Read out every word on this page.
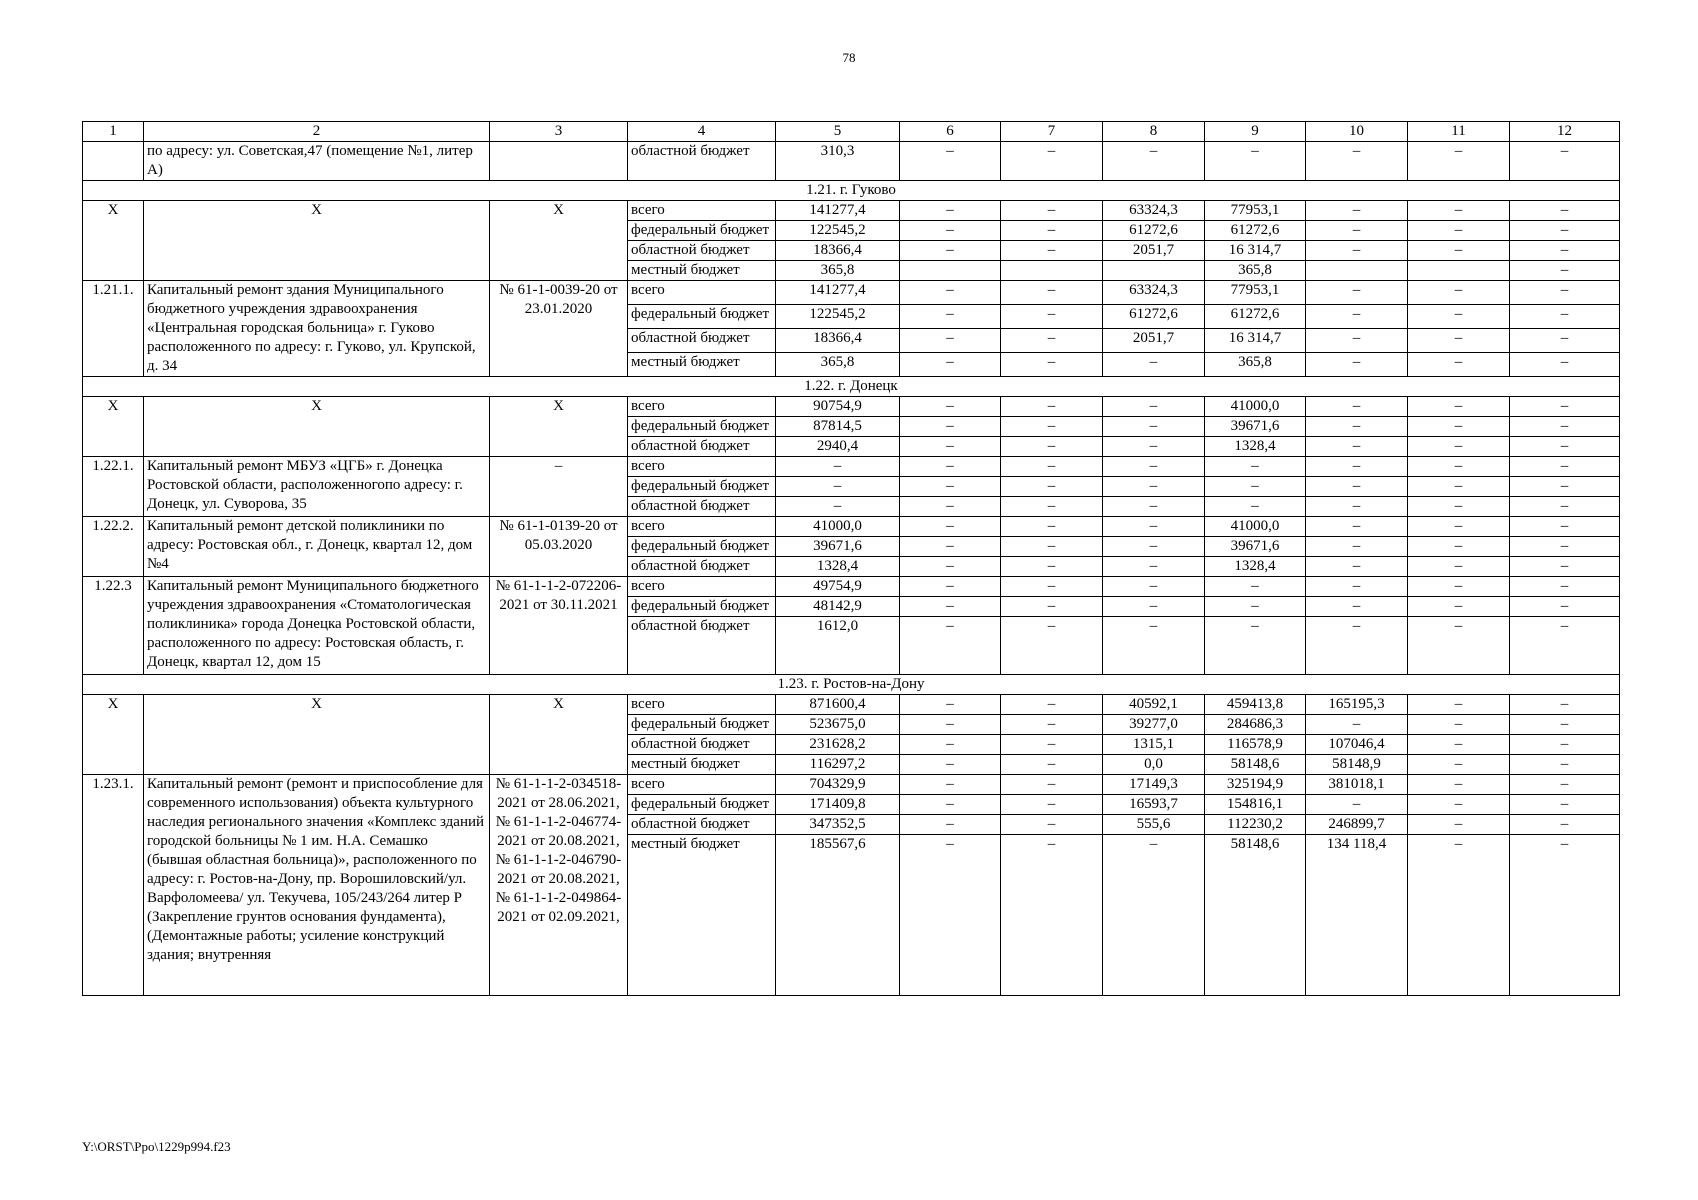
78
1	2	3	4	5	6	7	8	9	10	11	12
	по адресу: ул. Советская,47 (помещение №1, литер А)		областной бюджет	310,3	–	–	–	–	–	–	–
1.21. г. Гуково											
Х	Х	Х	всего	141277,4	–	–	63324,3	77953,1	–	–	–
			федеральный бюджет	122545,2	–	–	61272,6	61272,6	–	–	–
			областной бюджет	18366,4	–	–	2051,7	16 314,7	–	–	–
			местный бюджет	365,8				365,8			–
1.21.1.	Капитальный ремонт здания Муниципального бюджетного учреждения здравоохранения «Центральная городская больница» г. Гуково расположенного по адресу: г. Гуково, ул. Крупской, д. 34	№ 61-1-0039-20 от 23.01.2020	всего	141277,4	–	–	63324,3	77953,1	–	–	–
			федеральный бюджет	122545,2	–	–	61272,6	61272,6	–	–	–
			областной бюджет	18366,4	–	–	2051,7	16 314,7	–	–	–
			местный бюджет	365,8	–	–	–	365,8	–	–	–
1.22. г. Донецк											
Х	Х	Х	всего	90754,9	–	–	–	41000,0	–	–	–
			федеральный бюджет	87814,5	–	–	–	39671,6	–	–	–
			областной бюджет	2940,4	–	–	–	1328,4	–	–	–
1.22.1.	Капитальный ремонт МБУЗ «ЦГБ» г. Донецка Ростовской области, расположенногопо адресу: г. Донецк, ул. Суворова, 35	–	всего	–	–	–	–	–	–	–	–
			федеральный бюджет	–	–	–	–	–	–	–	–
			областной бюджет	–	–	–	–	–	–	–	–
1.22.2.	Капитальный ремонт детской поликлиники по адресу: Ростовская обл., г. Донецк, квартал 12, дом №4	№ 61-1-0139-20 от 05.03.2020	всего	41000,0	–	–	–	41000,0	–	–	–
			федеральный бюджет	39671,6	–	–	–	39671,6	–	–	–
			областной бюджет	1328,4	–	–	–	1328,4	–	–	–
1.22.3	Капитальный ремонт Муниципального бюджетного учреждения здравоохранения «Стоматологическая поликлиника» города Донецка Ростовской области, расположенного по адресу: Ростовская область, г. Донецк, квартал 12, дом 15	№ 61-1-1-2-072206-2021 от 30.11.2021	всего	49754,9	–	–	–	–	–	–	–
			федеральный бюджет	48142,9	–	–	–	–	–	–	–
			областной бюджет	1612,0	–	–	–	–	–	–	–
1.23. г. Ростов-на-Дону											
Х	Х	Х	всего	871600,4	–	–	40592,1	459413,8	165195,3	–	–
			федеральный бюджет	523675,0	–	–	39277,0	284686,3	–	–	–
			областной бюджет	231628,2	–	–	1315,1	116578,9	107046,4	–	–
			местный бюджет	116297,2	–	–	0,0	58148,6	58148,9	–	–
1.23.1.	Капитальный ремонт (ремонт и приспособление для современного использования) объекта культурного наследия регионального значения «Комплекс зданий городской больницы № 1 им. Н.А. Семашко (бывшая областная больница)», расположенного по адресу: г. Ростов-на-Дону, пр. Ворошиловский/ул. Варфоломеева/ ул. Текучева, 105/243/264 литер Р (Закрепление грунтов основания фундамента), (Демонтажные работы; усиление конструкций здания; внутренняя	№ 61-1-1-2-034518-2021 от 28.06.2021, № 61-1-1-2-046774-2021 от 20.08.2021, № 61-1-1-2-046790-2021 от 20.08.2021, № 61-1-1-2-049864-2021 от 02.09.2021,	всего	704329,9	–	–	17149,3	325194,9	381018,1	–	–
			федеральный бюджет	171409,8	–	–	16593,7	154816,1	–	–	–
			областной бюджет	347352,5	–	–	555,6	112230,2	246899,7	–	–
			местный бюджет	185567,6	–	–	–	58148,6	134 118,4	–	–
Y:\ORST\Ppo\1229p994.f23
